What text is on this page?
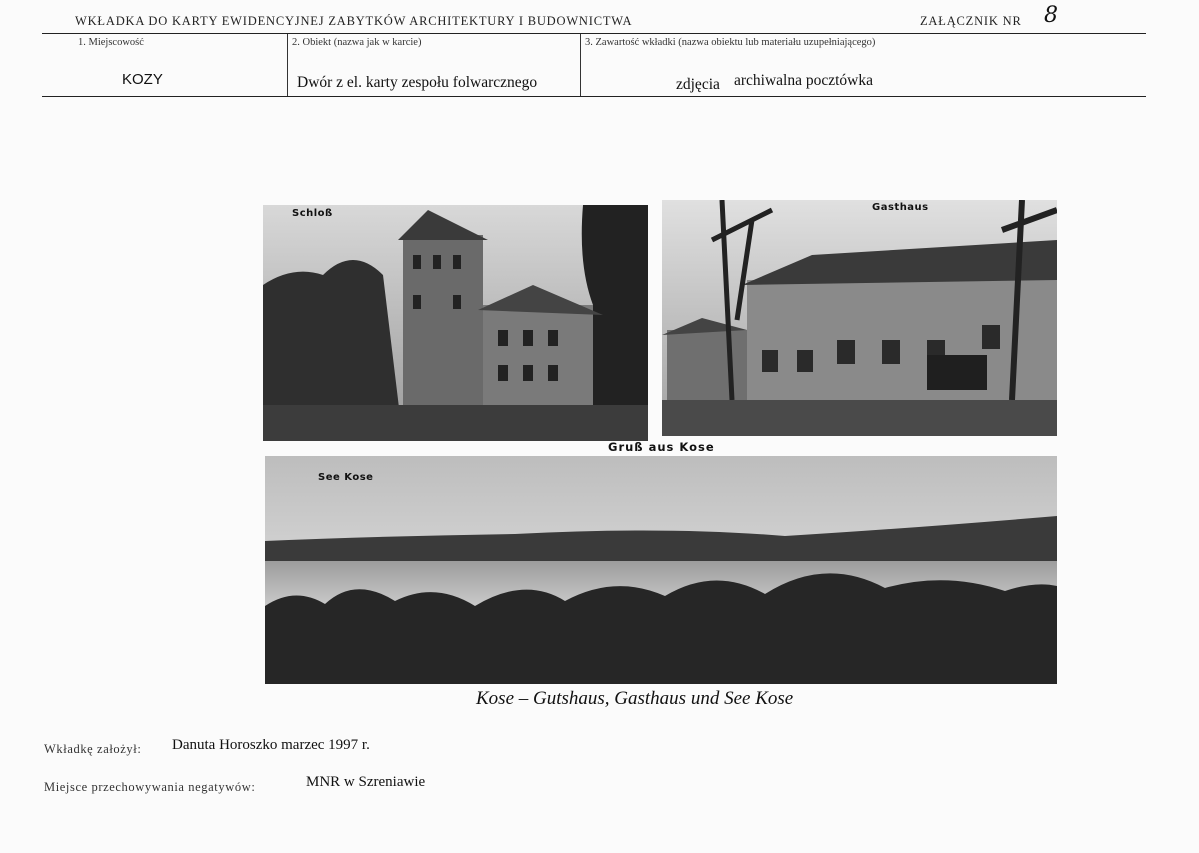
WKŁADKA DO KARTY EWIDENCYJNEJ ZABYTKÓW ARCHITEKTURY I BUDOWNICTWA	ZAŁĄCZNIK NR 8
1. Miejscowość
KOZY
2. Obiekt (nazwa jak w karcie)
Dwór z el. karty zespołu folwarcznego
3. Zawartość wkładki (nazwa obiektu lub materiału uzupełniającego)
zdjęcia archiwalna pocztówka
Schloß
Gasthaus
Gruß aus Kose
See Kose
Kose – Gutshaus, Gasthaus und See Kose
Wkładkę założył: Danuta Horoszko marzec 1997 r.
Miejsce przechowywania negatywów:	MNR w Szreniawie
